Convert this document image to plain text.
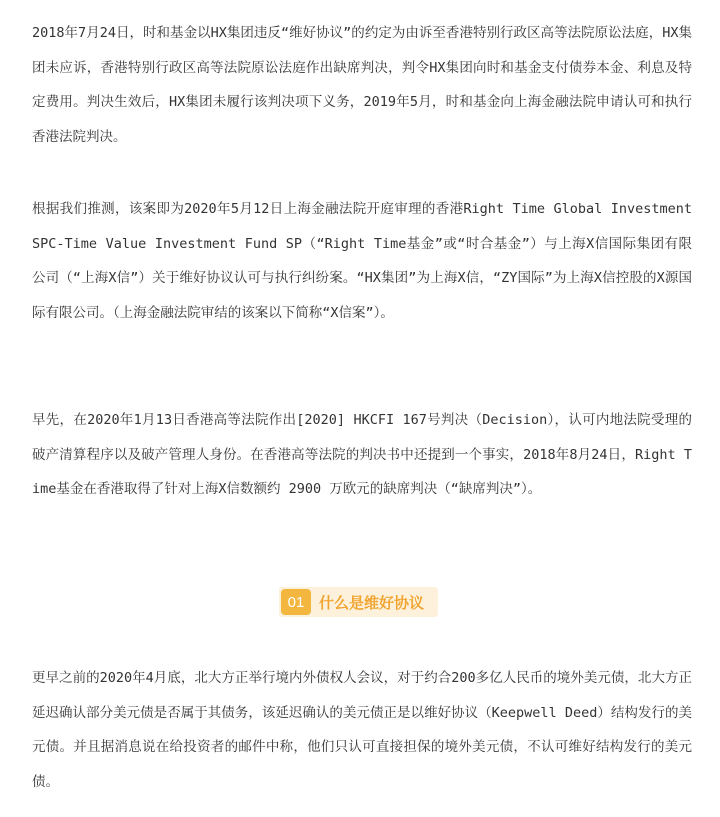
2018年7月24日，时和基金以HX集团违反“维好协议”的约定为由诉至香港特别行政区高等法院原讼法庭，HX集团未应诉，香港特别行政区高等法院原讼法庭作出缺席判决，判令HX集团向时和基金支付债券本金、利息及特定费用。判决生效后，HX集团未履行该判决项下义务，2019年5月，时和基金向上海金融法院申请认可和执行香港法院判决。

根据我们推测，该案即为2020年5月12日上海金融法院开庭审理的香港Right Time Global Investment SPC-Time Value Investment Fund SP（“Right Time基金”或“时合基金”）与上海X信国际集团有限公司（“上海X信”）关于维好协议认可与执行纠纷案。“HX集团”为上海X信，“ZY国际”为上海X信控股的X源国际有限公司。（上海金融法院审结的该案以下简称“X信案”）。

早先，在2020年1月13日香港高等法院作出[2020] HKCFI 167号判决（Decision），认可内地法院受理的破产清算程序以及破产管理人身份。在香港高等法院的判决书中还提到一个事实，2018年8月24日，Right Time基金在香港取得了针对上海X信数额约 2900 万欧元的缺席判决（“缺席判决”）。

更早之前的2020年4月底，北大方正举行境内外债权人会议，对于约合200多亿人民币的境外美元债，北大方正延迟确认部分美元债是否属于其债务，该延迟确认的美元债正是以维好协议（Keepwell Deed）结构发行的美元债。并且据消息说在给投资者的邮件中称，他们只认可直接担保的境外美元债，不认可维好结构发行的美元债。

01 什么是维好协议
